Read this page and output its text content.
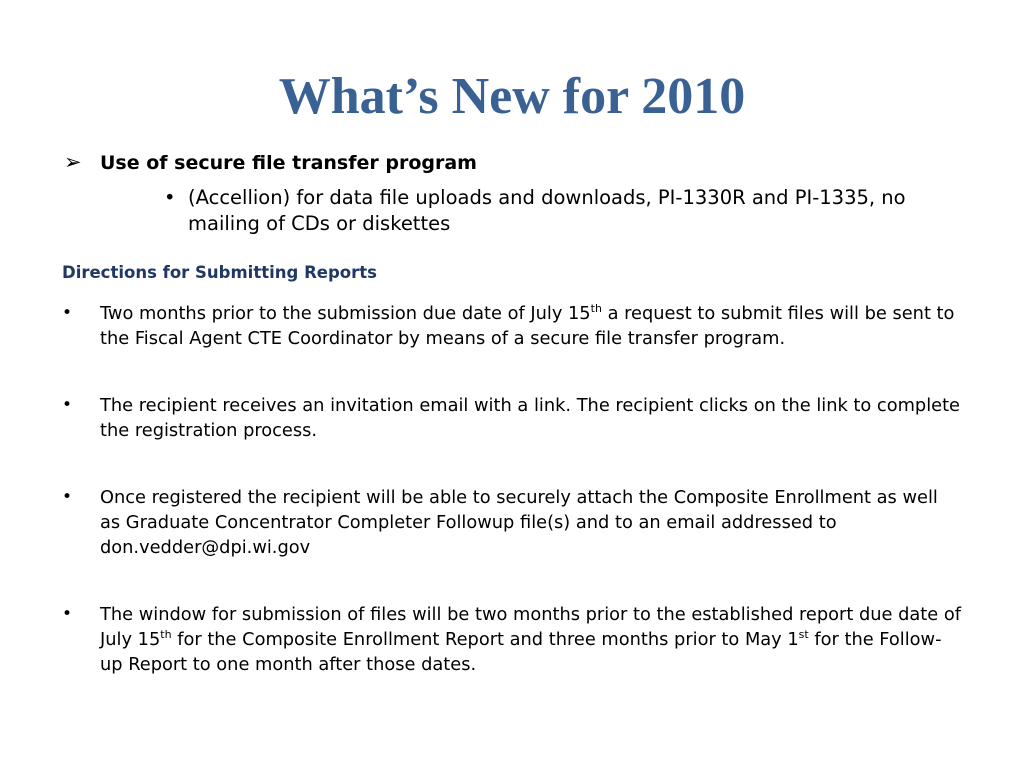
What’s New for 2010
➢ Use of secure file transfer program
• (Accellion) for data file uploads and downloads, PI-1330R and PI-1335, no mailing of CDs or diskettes
Directions for Submitting Reports
• Two months prior to the submission due date of July 15th a request to submit files will be sent to the Fiscal Agent CTE Coordinator by means of a secure file transfer program.
• The recipient receives an invitation email with a link. The recipient clicks on the link to complete the registration process.
• Once registered the recipient will be able to securely attach the Composite Enrollment as well as Graduate Concentrator Completer Followup file(s) and to an email addressed to don.vedder@dpi.wi.gov
• The window for submission of files will be two months prior to the established report due date of July 15th for the Composite Enrollment Report and three months prior to May 1st for the Follow-up Report to one month after those dates.
